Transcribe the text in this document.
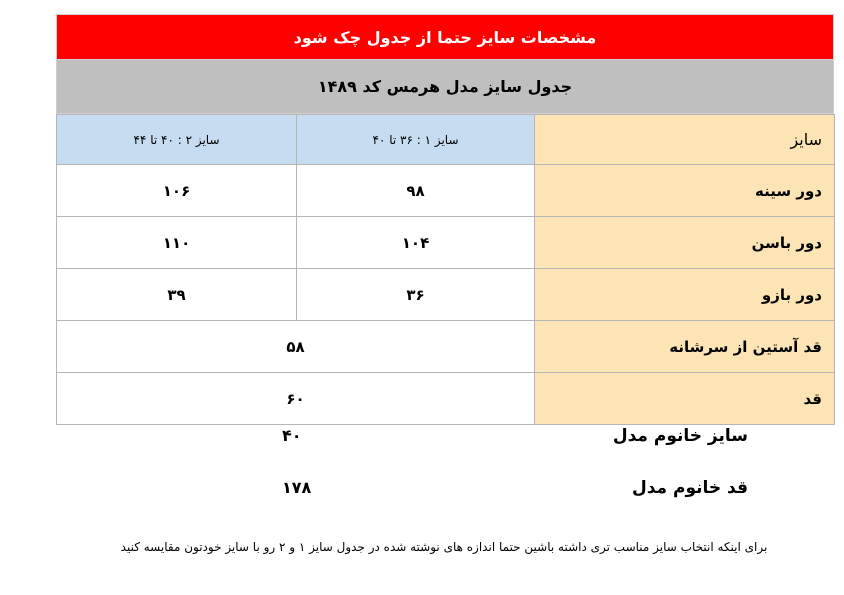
مشخصات سایز حتما از جدول چک شود
جدول سایز مدل هرمس کد ۱۴۸۹
سایز ۲ : ۴۰ تا ۴۴	سایز ۱ : ۳۶ تا ۴۰	سایز
۱۰۶	۹۸	دور سینه
۱۱۰	۱۰۴	دور باسن
۳۹	۳۶	دور بازو
۵۸		قد آستین از سرشانه
۶۰		قد
۴۰	سایز خانوم مدل
۱۷۸	قد خانوم مدل
برای اینکه انتخاب سایز مناسب تری داشته باشین حتما اندازه های نوشته شده در جدول سایز ۱ و ۲ رو با سایز خودتون مقایسه کنید
